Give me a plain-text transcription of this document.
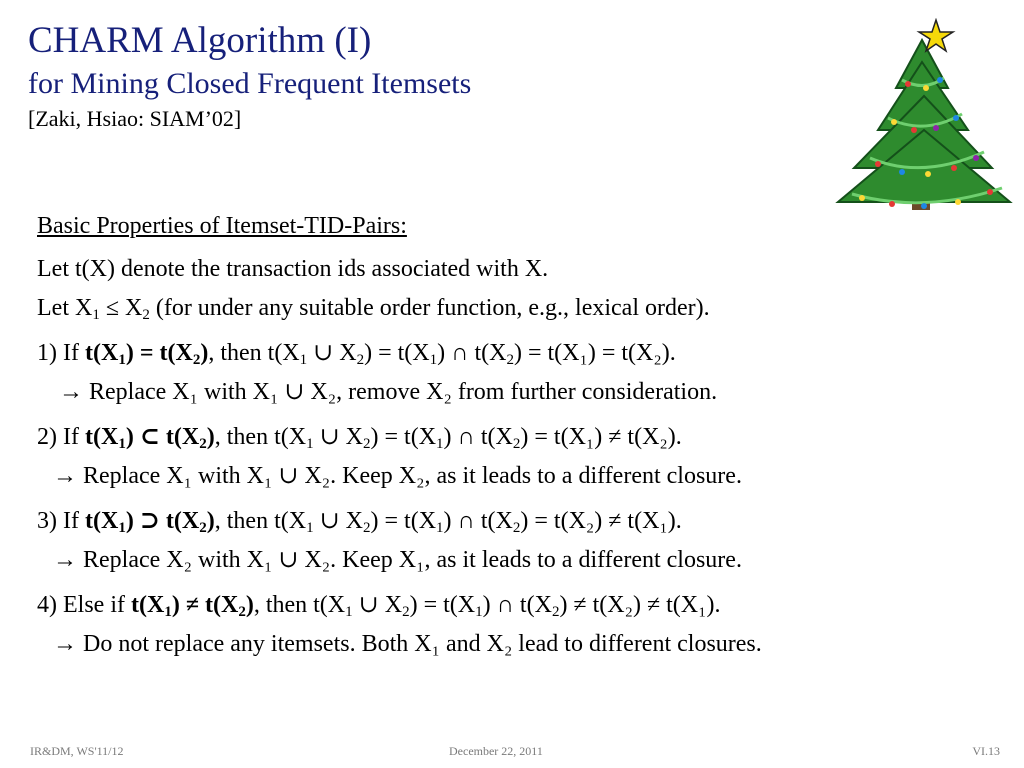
CHARM Algorithm (I)
for Mining Closed Frequent Itemsets
[Zaki, Hsiao: SIAM’02]
Basic Properties of Itemset-TID-Pairs:
Let t(X) denote the transaction ids associated with X.
Let $X_1 \le X_2$ (for under any suitable order function, e.g., lexical order).
1) If $t(X_1) = t(X_2)$, then $t(X_1$ ∪ $X_2) = t(X_1)$ ∩ $t(X_2) = t(X_1) = t(X_2)$.
→ Replace X₁ with X₁ ∪ X₂, remove X₂ from further consideration.
2) If $t(X_1)$ ⊂ $t(X_2)$, then $t(X_1$ ∪ $X_2) = t(X_1)$ ∩ $t(X_2) = t(X_1) \ne t(X_2)$.
→ Replace X₁ with X₁ ∪ X₂. Keep X₂, as it leads to a different closure.
3) If $t(X_1)$ ⊃ $t(X_2)$, then $t(X_1$ ∪ $X_2) = t(X_1)$ ∩ $t(X_2) = t(X_2) \ne t(X_1)$.
→ Replace X₂ with X₁ ∪ X₂. Keep X₁, as it leads to a different closure.
4) Else if $t(X_1) \ne t(X_2)$, then $t(X_1$ ∪ $X_2) = t(X_1)$ ∩ $t(X_2) \ne t(X_2) \ne t(X_1)$.
→ Do not replace any itemsets. Both X₁ and X₂ lead to different closures.
IR&DM, WS'11/12	December 22, 2011	VI.13
